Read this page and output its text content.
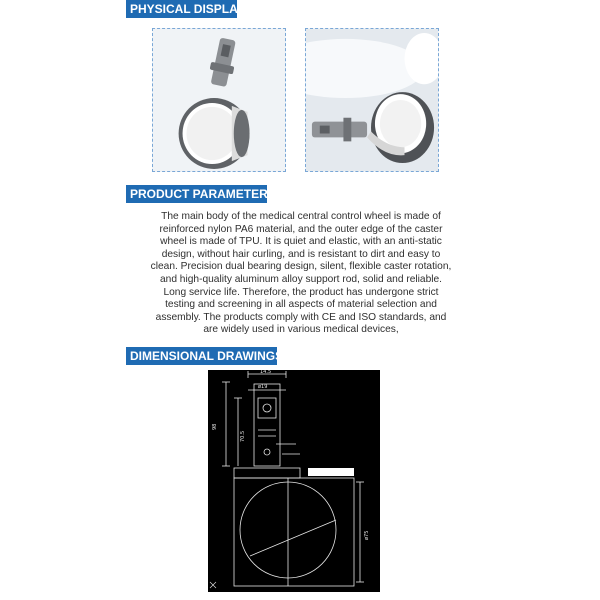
PHYSICAL DISPLAY
PRODUCT PARAMETERS
The main body of the medical central control wheel is made of reinforced nylon PA6 material, and the outer edge of the caster wheel is made of TPU. It is quiet and elastic, with an anti-static design, without hair curling, and is resistant to dirt and easy to clean. Precision dual bearing design, silent, flexible caster rotation, and high-quality aluminum alloy support rod, solid and reliable. Long service life. Therefore, the product has undergone strict testing and screening in all aspects of material selection and assembly. The products comply with CE and ISO standards, and are widely used in various medical devices,
DIMENSIONAL DRAWINGS
14.5
ø19
98
70.5
ø75
